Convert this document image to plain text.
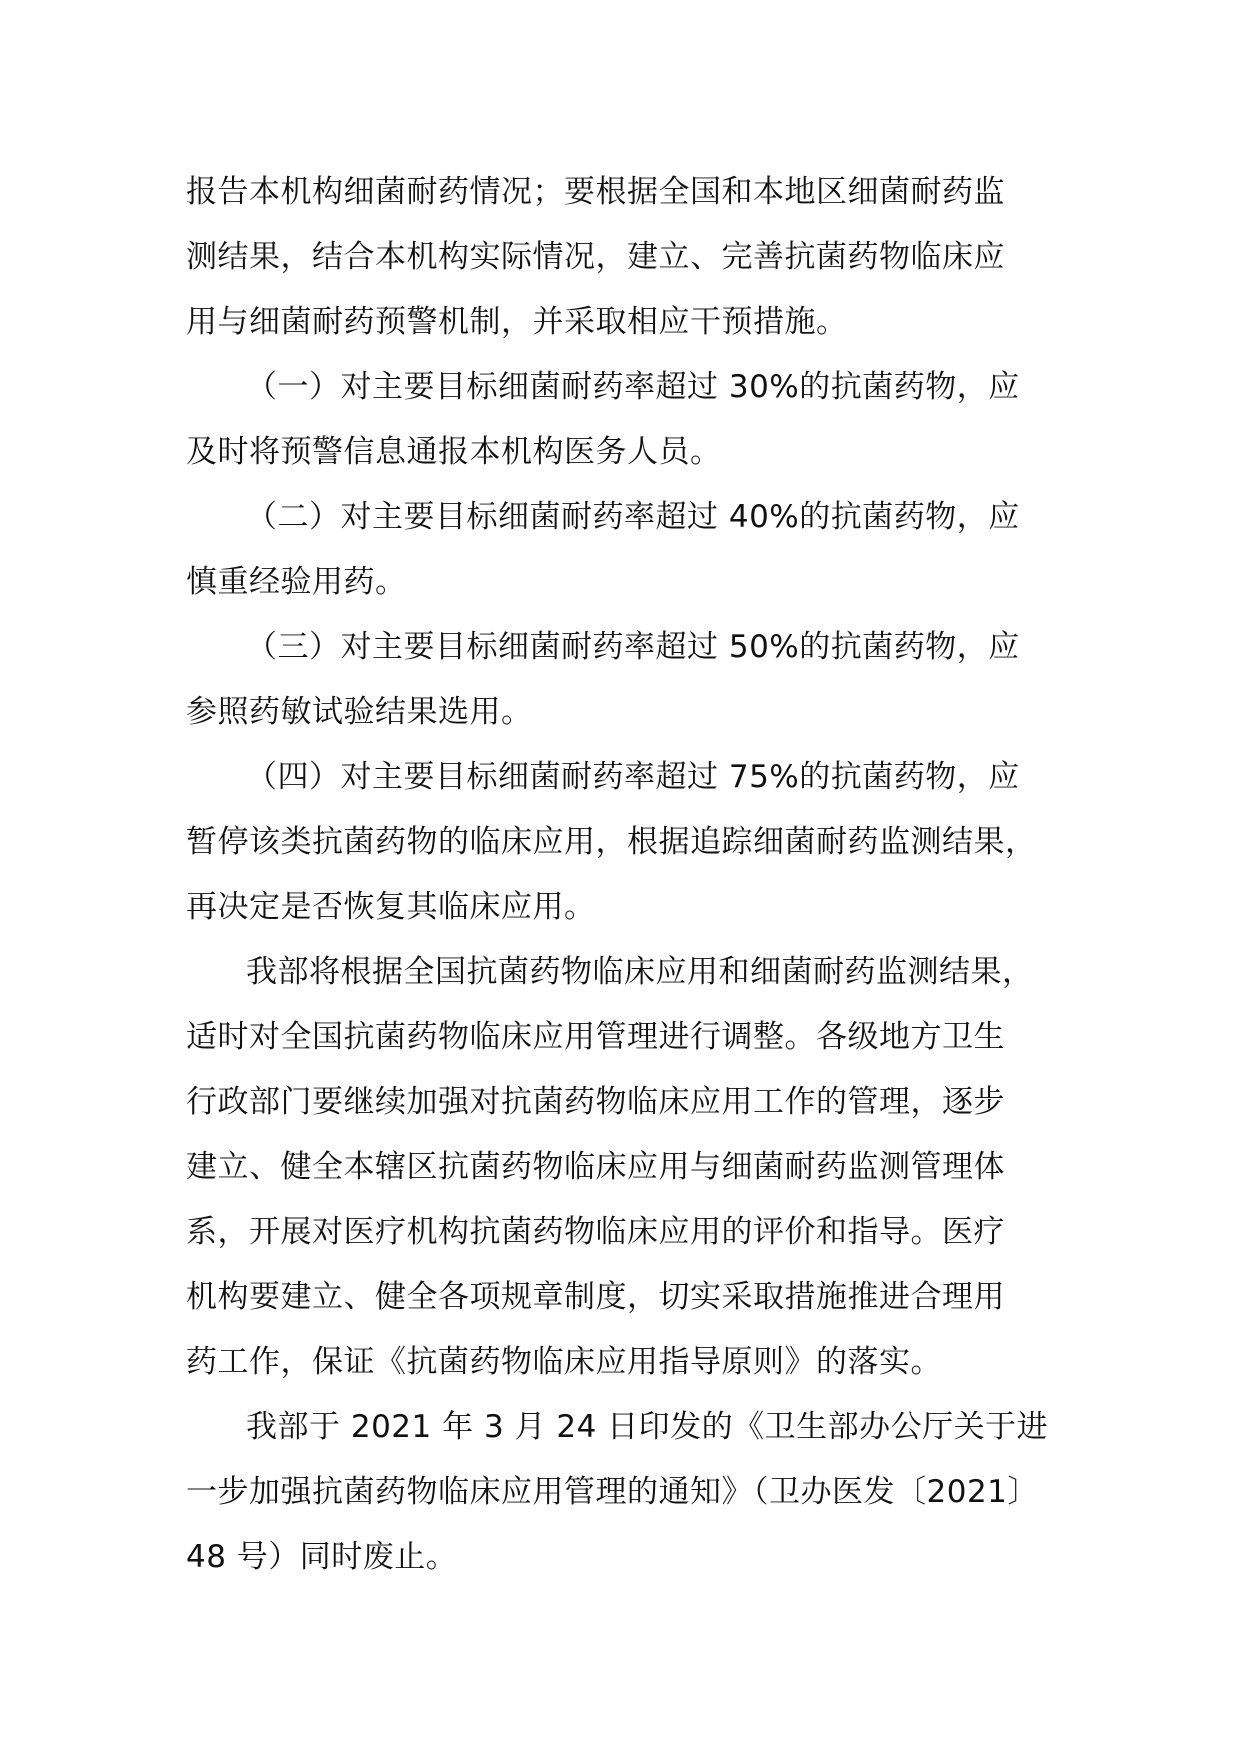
报告本机构细菌耐药情况；要根据全国和本地区细菌耐药监
测结果，结合本机构实际情况，建立、完善抗菌药物临床应
用与细菌耐药预警机制，并采取相应干预措施。
（一）对主要目标细菌耐药率超过 30%的抗菌药物，应
及时将预警信息通报本机构医务人员。
（二）对主要目标细菌耐药率超过 40%的抗菌药物，应
慎重经验用药。
（三）对主要目标细菌耐药率超过 50%的抗菌药物，应
参照药敏试验结果选用。
（四）对主要目标细菌耐药率超过 75%的抗菌药物，应
暂停该类抗菌药物的临床应用，根据追踪细菌耐药监测结果，
再决定是否恢复其临床应用。
我部将根据全国抗菌药物临床应用和细菌耐药监测结果，
适时对全国抗菌药物临床应用管理进行调整。各级地方卫生
行政部门要继续加强对抗菌药物临床应用工作的管理，逐步
建立、健全本辖区抗菌药物临床应用与细菌耐药监测管理体
系，开展对医疗机构抗菌药物临床应用的评价和指导。医疗
机构要建立、健全各项规章制度，切实采取措施推进合理用
药工作，保证《抗菌药物临床应用指导原则》的落实。
我部于 2021 年 3 月 24 日印发的《卫生部办公厅关于进
一步加强抗菌药物临床应用管理的通知》（卫办医发〔2021〕
48 号）同时废止。
